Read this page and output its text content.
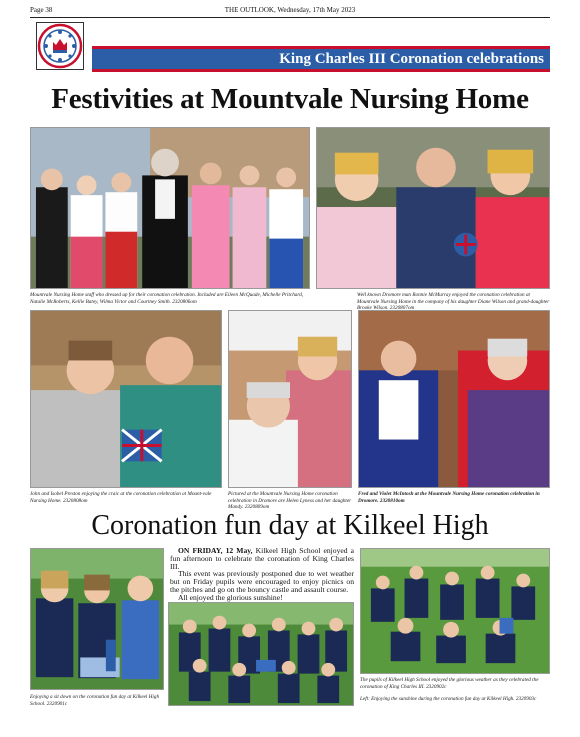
Page 38	THE OUTLOOK, Wednesday, 17th May 2023
King Charles III Coronation celebrations
Festivities at Mountvale Nursing Home
Mountvale Nursing Home staff who dressed up for their coronation celebration. Included are Eileen McQuade, Michelle Pritchard, Natalie McRoberts, Kellie Batey, Wilma Victor and Courtney Smith. 2320806om
Well known Dromore man Ronnie McMurray enjoyed the coronation celebration at Mountvale Nursing Home in the company of his daughter Diane Wilson and grand-daughter Brooke Wilson. 2320807om
John and Isobel Preston enjoying the craic at the coronation celebration at Mount-vale Nursing Home. 2320808om
Pictured at the Mountvale Nursing Home coronation celebration in Dromore are Helen Lyness and her daughter Mandy. 2320809om
Fred and Violet McIntosh at the Mountvale Nursing Home coronation celebration in Dromore. 2320810om
Coronation fun day at Kilkeel High

ON FRIDAY, 12 May, Kilkeel High School enjoyed a fun afternoon to celebrate the coronation of King Charles III.

This event was previously postponed due to wet weather but on Friday pupils were encouraged to enjoy picnics on the pitches and go on the bouncy castle and assault course.

All enjoyed the glorious sunshine!

The pupils of Kilkeel High School enjoyed the glorious weather as they celebrated the coronation of King Charles III. 2320902c
Enjoying a sit down on the coronation fun day at Kilkeel High School. 2320901c
Left: Enjoying the sunshine during the coronation fun day at Kilkeel High. 2320903c
